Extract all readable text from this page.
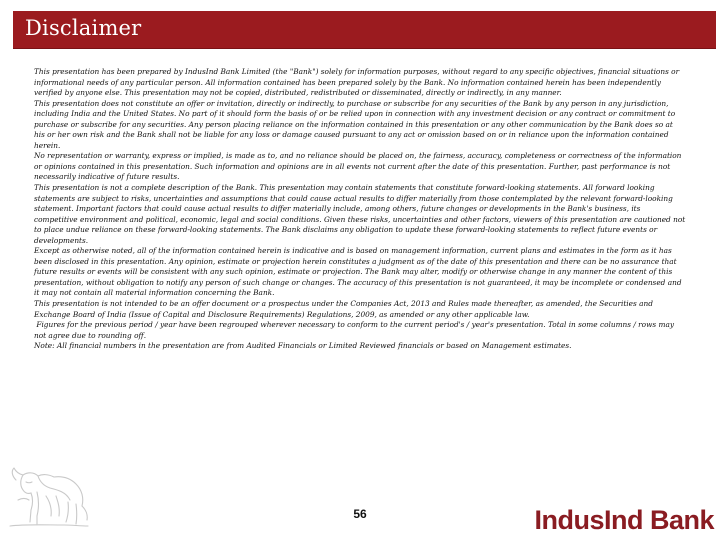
Disclaimer

This presentation has been prepared by IndusInd Bank Limited (the "Bank") solely for information purposes, without regard to any specific objectives, financial situations or informational needs of any particular person. All information contained has been prepared solely by the Bank. No information contained herein has been independently verified by anyone else. This presentation may not be copied, distributed, redistributed or disseminated, directly or indirectly, in any manner.

This presentation does not constitute an offer or invitation, directly or indirectly, to purchase or subscribe for any securities of the Bank by any person in any jurisdiction, including India and the United States. No part of it should form the basis of or be relied upon in connection with any investment decision or any contract or commitment to purchase or subscribe for any securities. Any person placing reliance on the information contained in this presentation or any other communication by the Bank does so at his or her own risk and the Bank shall not be liable for any loss or damage caused pursuant to any act or omission based on or in reliance upon the information contained herein.

No representation or warranty, express or implied, is made as to, and no reliance should be placed on, the fairness, accuracy, completeness or correctness of the information or opinions contained in this presentation. Such information and opinions are in all events not current after the date of this presentation. Further, past performance is not necessarily indicative of future results.

This presentation is not a complete description of the Bank. This presentation may contain statements that constitute forward-looking statements. All forward looking statements are subject to risks, uncertainties and assumptions that could cause actual results to differ materially from those contemplated by the relevant forward-looking statement. Important factors that could cause actual results to differ materially include, among others, future changes or developments in the Bank's business, its competitive environment and political, economic, legal and social conditions. Given these risks, uncertainties and other factors, viewers of this presentation are cautioned not to place undue reliance on these forward-looking statements. The Bank disclaims any obligation to update these forward-looking statements to reflect future events or developments.

Except as otherwise noted, all of the information contained herein is indicative and is based on management information, current plans and estimates in the form as it has been disclosed in this presentation. Any opinion, estimate or projection herein constitutes a judgment as of the date of this presentation and there can be no assurance that future results or events will be consistent with any such opinion, estimate or projection. The Bank may alter, modify or otherwise change in any manner the content of this presentation, without obligation to notify any person of such change or changes. The accuracy of this presentation is not guaranteed, it may be incomplete or condensed and it may not contain all material information concerning the Bank.

This presentation is not intended to be an offer document or a prospectus under the Companies Act, 2013 and Rules made thereafter, as amended, the Securities and Exchange Board of India (Issue of Capital and Disclosure Requirements) Regulations, 2009, as amended or any other applicable law.

Figures for the previous period / year have been regrouped wherever necessary to conform to the current period's / year's presentation. Total in some columns / rows may not agree due to rounding off.

Note: All financial numbers in the presentation are from Audited Financials or Limited Reviewed financials or based on Management estimates.

56	IndusInd Bank
